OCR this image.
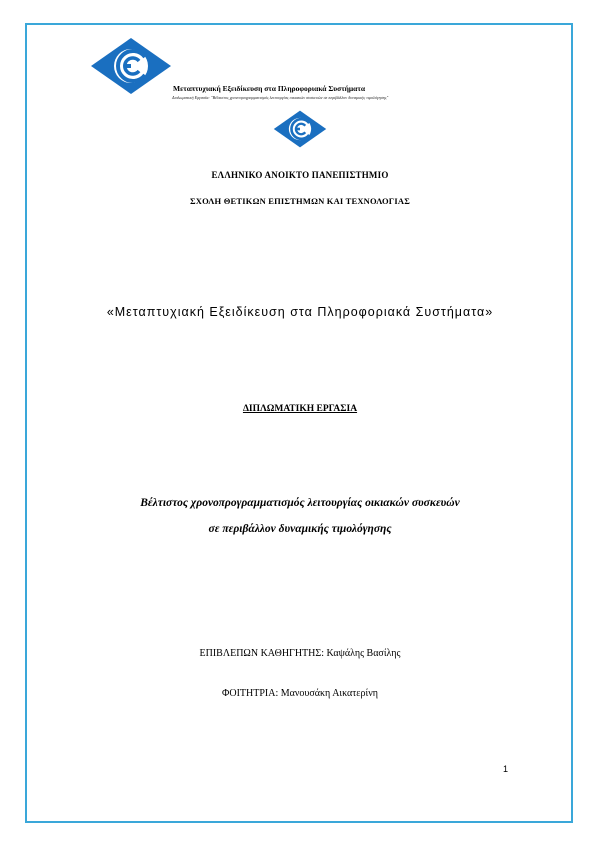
Μεταπτυχιακή Εξειδίκευση στα Πληροφοριακά Συστήματα
Διπλωματική Εργασία: "Βέλτιστος χρονοπρογραμματισμός λειτουργίας οικιακών συσκευών σε περιβάλλον δυναμικής τιμολόγησης"
ΕΛΛΗΝΙΚΟ ΑΝΟΙΚΤΟ ΠΑΝΕΠΙΣΤΗΜΙΟ
ΣΧΟΛΗ ΘΕΤΙΚΩΝ ΕΠΙΣΤΗΜΩΝ ΚΑΙ ΤΕΧΝΟΛΟΓΙΑΣ
«Μεταπτυχιακή Εξειδίκευση στα Πληροφοριακά Συστήματα»
ΔΙΠΛΩΜΑΤΙΚΗ ΕΡΓΑΣΙΑ
Βέλτιστος χρονοπρογραμματισμός λειτουργίας οικιακών συσκευών
σε περιβάλλον δυναμικής τιμολόγησης
ΕΠΙΒΛΕΠΩΝ ΚΑΘΗΓΗΤΗΣ: Καψάλης Βασίλης
ΦΟΙΤΗΤΡΙΑ: Μανουσάκη Αικατερίνη
1
